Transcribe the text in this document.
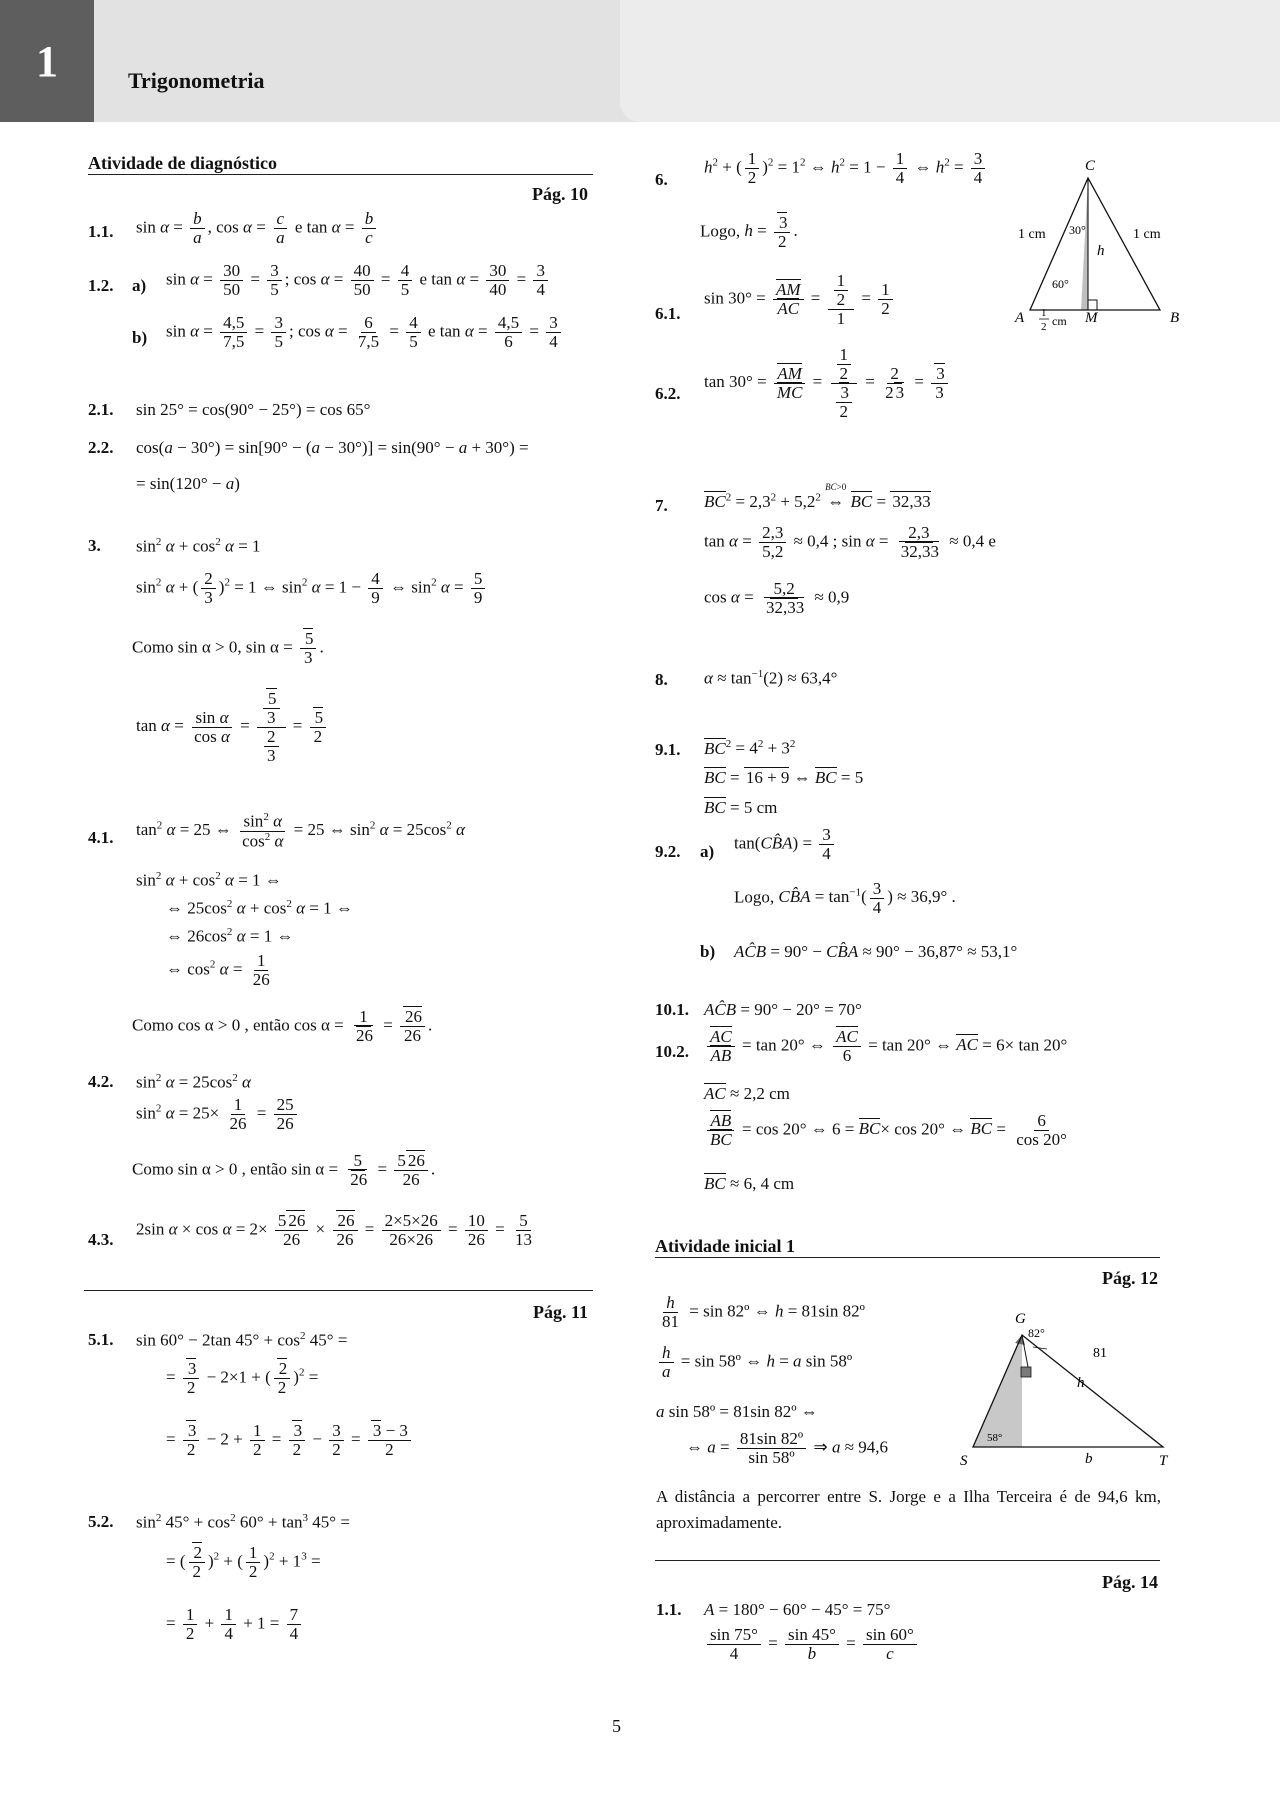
1	Trigonometria
Atividade de diagnóstico
Pág. 10
1.1. $\sin \alpha = \frac{b}{a}$ , $\cos \alpha = \frac{c}{a}$ e $\tan \alpha = \frac{b}{c}$
1.2. a) $\sin \alpha = \frac{30}{50} = \frac{3}{5}$ ; $\cos \alpha = \frac{40}{50} = \frac{4}{5}$ e $\tan \alpha = \frac{30}{40} = \frac{3}{4}$
b) $\sin \alpha = \frac{4,5}{7,5} = \frac{3}{5}$ ; $\cos \alpha = \frac{6}{7,5} = \frac{4}{5}$ e $\tan \alpha = \frac{4,5}{6} = \frac{3}{4}$
2.1. sin 25° = cos(90° − 25°) = cos 65°
2.2. cos(a − 30°) = sin[90° − (a − 30°)] = sin(90° − a + 30°) =
= sin(120° − a)
3. $\sin^2 \alpha + \cos^2 \alpha = 1$
$\sin^2 \alpha$ + ( $\frac{2}{3} )^2 = 1$ ⇔ $\sin^2 \alpha = 1 - \frac{4}{9}$ ⇔ $\sin^2 \alpha = \frac{5}{9}$
Como sin α > 0, $\sin \alpha = \frac{5}{3}$ .
$\tan \alpha = \frac{\text{sin α}}{\text{cos α}} = \frac{\frac{5}{3}}{\frac{2}{3}} = \frac{5}{2}$
4.1. $\tan^2 \alpha = 25$ ⇔ $\frac{\sin^2 \alpha}{\cos^2 \alpha} = 25$ ⇔ $\sin^2 \alpha = 25\cos^2$ α
$\sin^2 \alpha + \cos^2 \alpha = 1$ ⇔
⇔ $25\cos^2$ $\alpha + \cos^2 \alpha = 1$ ⇔
⇔ $26\cos^2$ α = 1 ⇔
⇔ $\cos^2 \alpha = \frac{1}{26}$
Como cos α > 0 , então $\cos \alpha = \frac{1}{26} = \frac{26}{26}$ .
4.2. $\sin^2 \alpha = 25\cos^2$ α
$\sin^2 \alpha = 25\times \frac{1}{26} = \frac{25}{26}$
Como sin α > 0 , então $\sin \alpha = \frac{5}{26} = \frac{5 26}{26}$ .
4.3.
2sin $\alpha \times \cos \alpha = 2\times \frac{5 26}{26} \times \frac{26}{26} = \frac{2\times 5\times 26}{26\times 26} = \frac{10}{26} = \frac{5}{13}$
Pág. 11
5.1. sin 60° − 2tan $45^\circ + \cos^2 45^\circ$ =
= $\frac{3}{2} - 2\times 1$ + ( $\frac{2}{2} )^2$ =
= $\frac{3}{2} - 2 + \frac{1}{2} = \frac{3}{2} - \frac{3}{2} = \frac{3 - 3}{2}$
5.2. $\sin^2 45^\circ + \cos^2 60^\circ + \tan^3 45^\circ$ =
= ( $\frac{2}{2} )^2$ + ( $\frac{1}{2} )^2 + 1^3$ =
= $\frac{1}{2} + \frac{1}{4} + 1 = \frac{7}{4}$
6.
$h^2$ + ( $\frac{1}{2} )^2 = 1^2$ ⇔ $h^2 = 1 - \frac{1}{4}$ ⇔ $h^2 = \frac{3}{4}$
Logo, $h = \frac{3}{2}$ .
6.1.
$\sin 30^\circ = \frac{AM}{AC} = \frac{\frac{1}{2}}{1} = \frac{1}{2}$
6.2.
$\tan 30^\circ = \frac{AM}{MC} = \frac{\frac{1}{2}}{\frac{3}{2}} = \frac{2}{2 3} = \frac{3}{3}$
C
A	B
M
h
1 cm	1 cm
30°
60°
1
2 cm
7. $BC^2 = 2,3^2 + 5,2^2$
BC>0
⇔ BC = 32,33
$\tan \alpha = \frac{2,3}{5,2} \approx 0,4$ ; $\sin \alpha = \frac{2,3}{32,33} \approx 0,4$ e
$\cos \alpha = \frac{5,2}{32,33} \approx 0,9$
8. $\alpha \approx \tan^{-1}(2) \approx 63,4^\circ$
9.1. $BC^2 = 4^2 + 3^2$
BC = 16 + 9 ⇔ BC = 5
BC = 5 cm
9.2. a) tan(CB̂A) = $\frac{3}{4}$
Logo, CB̂A = $\tan^{-1}( \frac{3}{4}$ ) ≈ 36,9° .
b) AĈB = 90° − CB̂A ≈ 90° − 36,87° ≈ 53,1°
10.1. AĈB = 90° − 20° = 70°
10.2. $\frac{AC}{AB} = \tan 20^\circ$ ⇔ $\frac{AC}{6} = \tan 20^\circ$ ⇔ AC = 6× tan 20°
AC ≈ 2,2 cm
$\frac{AB}{BC} = \cos 20^\circ$ ⇔ 6 = BC× cos 20° ⇔ BC = $\frac{6}{\cos 20^\circ}$
BC ≈ 6, 4 cm
Atividade inicial 1
Pág. 12
$\frac{h}{81} = \sin$ 82º ⇔ h = 81sin 82º
$\frac{h}{a} = \sin$ 58º ⇔ h = a sin 58º
a sin 58º = 81sin 82º ⇔
⇔ $a = \frac{\text{81sin 82º}}{\text{sin 58º}}$ ⇒ a ≈ 94,6
G
S	T
h
b
81
82°
58°
A distância a percorrer entre S. Jorge e a Ilha Terceira é de 94,6 km, aproximadamente.
Pág. 14
1.1. A = 180° − 60° − 45° = 75°
$\frac{\sin 75^\circ}{4} = \frac{\sin 45^\circ}{b} = \frac{\sin 60^\circ}{c}$
5
